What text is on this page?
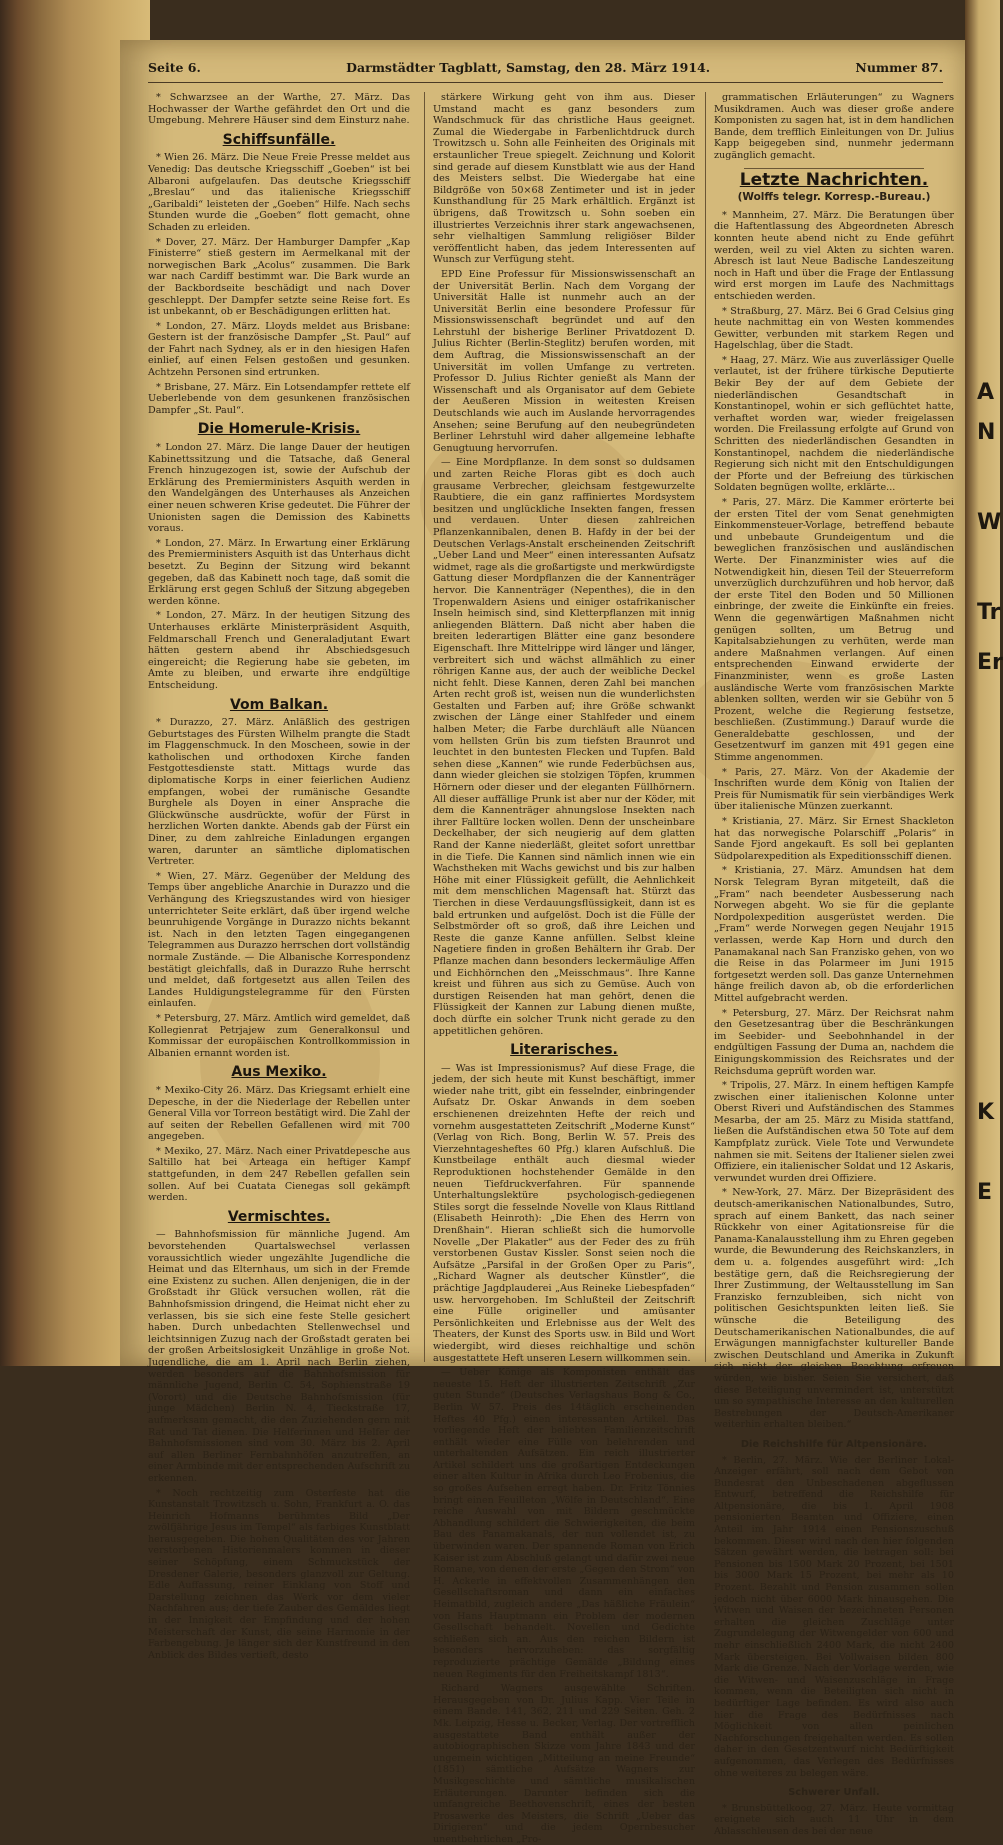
A
N
W
Tr
Er
K
E
Seite 6.	Darmstädter Tagblatt, Samstag, den 28. März 1914.	Nummer 87.

* Schwarzsee an der Warthe, 27. März. Das Hochwasser der Warthe gefährdet den Ort und die Umgebung. Mehrere Häuser sind dem Einsturz nahe.

Schiffsunfälle.

* Wien 26. März. Die Neue Freie Presse meldet aus Venedig: Das deutsche Kriegsschiff „Goeben“ ist bei Albaroni aufgelaufen. Das deutsche Kriegsschiff „Breslau“ und das italienische Kriegsschiff „Garibaldi“ leisteten der „Goeben“ Hilfe. Nach sechs Stunden wurde die „Goeben“ flott gemacht, ohne Schaden zu erleiden.

* Dover, 27. März. Der Hamburger Dampfer „Kap Finisterre“ stieß gestern im Aermelkanal mit der norwegischen Bark „Acolus“ zusammen. Die Bark war nach Cardiff bestimmt war. Die Bark wurde an der Backbordseite beschädigt und nach Dover geschleppt. Der Dampfer setzte seine Reise fort. Es ist unbekannt, ob er Beschädigungen erlitten hat.

* London, 27. März. Lloyds meldet aus Brisbane: Gestern ist der französische Dampfer „St. Paul“ auf der Fahrt nach Sydney, als er in den hiesigen Hafen einlief, auf einen Felsen gestoßen und gesunken. Achtzehn Personen sind ertrunken.

* Brisbane, 27. März. Ein Lotsendampfer rettete elf Ueberlebende von dem gesunkenen französischen Dampfer „St. Paul“.

Die Homerule-Krisis.

* London 27. März. Die lange Dauer der heutigen Kabinettssitzung und die Tatsache, daß General French hinzugezogen ist, sowie der Aufschub der Erklärung des Premierministers Asquith werden in den Wandelgängen des Unterhauses als Anzeichen einer neuen schweren Krise gedeutet. Die Führer der Unionisten sagen die Demission des Kabinetts voraus.

* London, 27. März. In Erwartung einer Erklärung des Premierministers Asquith ist das Unterhaus dicht besetzt. Zu Beginn der Sitzung wird bekannt gegeben, daß das Kabinett noch tage, daß somit die Erklärung erst gegen Schluß der Sitzung abgegeben werden könne.

* London, 27. März. In der heutigen Sitzung des Unterhauses erklärte Ministerpräsident Asquith, Feldmarschall French und Generaladjutant Ewart hätten gestern abend ihr Abschiedsgesuch eingereicht; die Regierung habe sie gebeten, im Amte zu bleiben, und erwarte ihre endgültige Entscheidung.

Vom Balkan.

* Durazzo, 27. März. Anläßlich des gestrigen Geburtstages des Fürsten Wilhelm prangte die Stadt im Flaggenschmuck. In den Moscheen, sowie in der katholischen und orthodoxen Kirche fanden Festgottesdienste statt. Mittags wurde das diplomatische Korps in einer feierlichen Audienz empfangen, wobei der rumänische Gesandte Burghele als Doyen in einer Ansprache die Glückwünsche ausdrückte, wofür der Fürst in herzlichen Worten dankte. Abends gab der Fürst ein Diner, zu dem zahlreiche Einladungen ergangen waren, darunter an sämtliche diplomatischen Vertreter.

* Wien, 27. März. Gegenüber der Meldung des Temps über angebliche Anarchie in Durazzo und die Verhängung des Kriegszustandes wird von hiesiger unterrichteter Seite erklärt, daß über irgend welche beunruhigende Vorgänge in Durazzo nichts bekannt ist. Nach in den letzten Tagen eingegangenen Telegrammen aus Durazzo herrschen dort vollständig normale Zustände. — Die Albanische Korrespondenz bestätigt gleichfalls, daß in Durazzo Ruhe herrscht und meldet, daß fortgesetzt aus allen Teilen des Landes Huldigungstelegramme für den Fürsten einlaufen.

* Petersburg, 27. März. Amtlich wird gemeldet, daß Kollegienrat Petrjajew zum Generalkonsul und Kommissar der europäischen Kontrollkommission in Albanien ernannt worden ist.

Aus Mexiko.

* Mexiko-City 26. März. Das Kriegsamt erhielt eine Depesche, in der die Niederlage der Rebellen unter General Villa vor Torreon bestätigt wird. Die Zahl der auf seiten der Rebellen Gefallenen wird mit 700 angegeben.

* Mexiko, 27. März. Nach einer Privatdepesche aus Saltillo hat bei Arteaga ein heftiger Kampf stattgefunden, in dem 247 Rebellen gefallen sein sollen. Auf bei Cuatata Cienegas soll gekämpft werden.

Vermischtes.

— Bahnhofsmission für männliche Jugend. Am bevorstehenden Quartalswechsel verlassen voraussichtlich wieder ungezählte Jugendliche die Heimat und das Elternhaus, um sich in der Fremde eine Existenz zu suchen. Allen denjenigen, die in der Großstadt ihr Glück versuchen wollen, rät die Bahnhofsmission dringend, die Heimat nicht eher zu verlassen, bis sie sich eine feste Stelle gesichert haben. Durch unbedachten Stellenwechsel und leichtsinnigen Zuzug nach der Großstadt geraten bei der großen Arbeitslosigkeit Unzählige in große Not. Jugendliche, die am 1. April nach Berlin ziehen, werden besonders auf die Bahnhofsmission für männliche Jugend, Berlin C. 54, Sophienstraße 19 (Vorort) und die Deutsche Bahnhofsmission (für junge Mädchen) Berlin N. 4, Tieckstraße 17, aufmerksam gemacht, die den Zuziehenden gern mit Rat und Tat dienen. Die Helferinnen und Helfer der Bahnhofsmissionen sind vom 30. März bis 2. April auf allen Berliner Fernbahnhöfen anzutreffen, an einer Armbinde mit der entsprechenden Aufschrift zu erkennen.

* Noch rechtzeitig zum Osterfeste hat die Kunstanstalt Trowitzsch u. Sohn, Frankfurt a. O. das Heinrich Hofmanns berühmtes Bild „Der zwölfjährige Jesus im Tempel“ als farbiges Kunstblatt herausgegeben. Die hohen Qualitäten des vor Jahren verstorbenen Historienmalers kommen in dieser seiner Schöpfung, einem Schmuckstück der Dresdener Galerie, besonders glanzvoll zur Geltung. Edle Auffassung, reiner Einklang von Stoff und Darstellung zeichnen das Werk vor dem vieler Nachfahren aus; der tiefe Zauber des Gemäldes liegt in der Innigkeit der Empfindung und der hohen Meisterschaft der Kunst, die seine Harmonie in der Farbengebung. Je länger sich der Kunstfreund in den Anblick des Bildes vertieft, desto

stärkere Wirkung geht von ihm aus. Dieser Umstand macht es ganz besonders zum Wandschmuck für das christliche Haus geeignet. Zumal die Wiedergabe in Farbenlichtdruck durch Trowitzsch u. Sohn alle Feinheiten des Originals mit erstaunlicher Treue spiegelt. Zeichnung und Kolorit sind gerade auf diesem Kunstblatt wie aus der Hand des Meisters selbst. Die Wiedergabe hat eine Bildgröße von 50×68 Zentimeter und ist in jeder Kunsthandlung für 25 Mark erhältlich. Ergänzt ist übrigens, daß Trowitzsch u. Sohn soeben ein illustriertes Verzeichnis ihrer stark angewachsenen, sehr vielhaltigen Sammlung religiöser Bilder veröffentlicht haben, das jedem Interessenten auf Wunsch zur Verfügung steht.

EPD Eine Professur für Missionswissenschaft an der Universität Berlin. Nach dem Vorgang der Universität Halle ist nunmehr auch an der Universität Berlin eine besondere Professur für Missionswissenschaft begründet und auf den Lehrstuhl der bisherige Berliner Privatdozent D. Julius Richter (Berlin-Steglitz) berufen worden, mit dem Auftrag, die Missionswissenschaft an der Universität im vollen Umfange zu vertreten. Professor D. Julius Richter genießt als Mann der Wissenschaft und als Organisator auf dem Gebiete der Aeußeren Mission in weitesten Kreisen Deutschlands wie auch im Auslande hervorragendes Ansehen; seine Berufung auf den neubegründeten Berliner Lehrstuhl wird daher allgemeine lebhafte Genugtuung hervorrufen.

— Eine Mordpflanze. In dem sonst so duldsamen und zarten Reiche Floras gibt es doch auch grausame Verbrecher, gleichsam festgewurzelte Raubtiere, die ein ganz raffiniertes Mordsystem besitzen und unglückliche Insekten fangen, fressen und verdauen. Unter diesen zahlreichen Pflanzenkannibalen, denen B. Hafdy in der bei der Deutschen Verlags-Anstalt erscheinenden Zeitschrift „Ueber Land und Meer“ einen interessanten Aufsatz widmet, rage als die großartigste und merkwürdigste Gattung dieser Mordpflanzen die der Kannenträger hervor. Die Kannenträger (Nepenthes), die in den Tropenwaldern Asiens und einiger ostafrikanischer Inseln heimisch sind, sind Kletterpflanzen mit innig anliegenden Blättern. Daß nicht aber haben die breiten lederartigen Blätter eine ganz besondere Eigenschaft. Ihre Mittelrippe wird länger und länger, verbreitert sich und wächst allmählich zu einer röhrigen Kanne aus, der auch der weibliche Deckel nicht fehlt. Diese Kannen, deren Zahl bei manchen Arten recht groß ist, weisen nun die wunderlichsten Gestalten und Farben auf; ihre Größe schwankt zwischen der Länge einer Stahlfeder und einem halben Meter; die Farbe durchläuft alle Nüancen vom hellsten Grün bis zum tiefsten Braunrot und leuchtet in den buntesten Flecken und Tupfen. Bald sehen diese „Kannen“ wie runde Federbüchsen aus, dann wieder gleichen sie stolzigen Töpfen, krummen Hörnern oder dieser und der eleganten Füllhörnern. All dieser auffällige Prunk ist aber nur der Köder, mit dem die Kannenträger ahnungslose Insekten nach ihrer Falltüre locken wollen. Denn der unscheinbare Deckelhaber, der sich neugierig auf dem glatten Rand der Kanne niederläßt, gleitet sofort unrettbar in die Tiefe. Die Kannen sind nämlich innen wie ein Wachstheken mit Wachs gewichst und bis zur halben Höhe mit einer Flüssigkeit gefüllt, die Aehnlichkeit mit dem menschlichen Magensaft hat. Stürzt das Tierchen in diese Verdauungsflüssigkeit, dann ist es bald ertrunken und aufgelöst. Doch ist die Fülle der Selbstmörder oft so groß, daß ihre Leichen und Reste die ganze Kanne anfüllen. Selbst kleine Nagetiere finden in großen Behältern ihr Grab. Der Pflanze machen dann besonders leckermäulige Affen und Eichhörnchen den „Meisschmaus“. Ihre Kanne kreist und führen aus sich zu Gemüse. Auch von durstigen Reisenden hat man gehört, denen die Flüssigkeit der Kannen zur Labung dienen mußte, doch dürfte ein solcher Trunk nicht gerade zu den appetitlichen gehören.

Literarisches.

— Was ist Impressionismus? Auf diese Frage, die jedem, der sich heute mit Kunst beschäftigt, immer wieder nahe tritt, gibt ein fesselnder, einbringender Aufsatz Dr. Oskar Anwands in dem soeben erschienenen dreizehnten Hefte der reich und vornehm ausgestatteten Zeitschrift „Moderne Kunst“ (Verlag von Rich. Bong, Berlin W. 57. Preis des Vierzehntagesheftes 60 Pfg.) klaren Aufschluß. Die Kunstbeilage enthält auch diesmal wieder Reproduktionen hochstehender Gemälde in den neuen Tiefdruckverfahren. Für spannende Unterhaltungslektüre psychologisch-gediegenen Stiles sorgt die fesselnde Novelle von Klaus Rittland (Elisabeth Heinroth): „Die Ehen des Herrn von Drenßhain“. Hieran schließt sich die humorvolle Novelle „Der Plakatler“ aus der Feder des zu früh verstorbenen Gustav Kissler. Sonst seien noch die Aufsätze „Parsifal in der Großen Oper zu Paris“, „Richard Wagner als deutscher Künstler“, die prächtige Jagdplauderei „Aus Reineke Liebespfaden“ usw. hervorgehoben. Im Schlußteil der Zeitschrift eine Fülle origineller und amüsanter Persönlichkeiten und Erlebnisse aus der Welt des Theaters, der Kunst des Sports usw. in Bild und Wort wiedergibt, wird dieses reichhaltige und schön ausgestattete Heft unseren Lesern willkommen sein.

— Ueber Könige als Komponisten enthält das neueste 15. Heft der illustrierten Zeitschrift „Zur guten Stunde“ (Deutsches Verlagshaus Bong & Co., Berlin W 57. Preis des 14täglich erscheinenden Heftes 40 Pfg.) einen interessanten Artikel. Das vorliegende Heft der beliebten Familienzeitschrift enthält wieder eine Fülle von belehrenden und unterhaltenden Aufsätzen. Ein reich illustrierter Artikel schildert uns die großartigen Entdeckungen einer alten Kultur in Afrika durch Leo Frobenius, die so großes Aufsehen erregt haben. Dr. Fritz Tönnies bringt einen Feuilleton „Wölfe in Deutschland“. Eine reiche Auswahl von mit Bildern geschmückte Abhandlung schildert die Schwierigkeiten, die beim Bau des Panamakanals, der nun vollendet ist, zu überwinden waren. Der spannende Roman von Erich Kaiser ist zum Abschluß gelangt und dafür zwei neue Romane, von denen der erste „Gegen den Strom“ von H. Ackerle in effektvollen Zusammenhängen den Gesellschaftsroman und dann ein einfaches Heimatbild, zugleich andere „Das häßliche Fräulein“ von Hans Hauptmann ein Problem der modernen Gesellschaft behandelt. Novellen und Gedichte schließen sich an. Aus den reichen Bildern ist besonders hervorzuheben: das sorgfältig reproduzierte prächtige Gemälde „Bildung eines neuen Regiments für den Freiheitskampf 1813“.

Richard Wagners ausgewählte Schriften. Herausgegeben von Dr. Julius Kapp. Vier Teile in einem Bande. 141, 362, 211 und 229 Seiten. Geh. 2 Mk. Leipzig, Hesse u. Becker, Verlag. Der vortrefflich ausgestattete Band enthält außer der autobiographischen Skizze vom Jahre 1843 und der ungemein wichtigen „Mitteilung an meine Freunde“ (1851) sämtliche Aufsätze Wagners zur Musikgeschichte und sämtliche musikalischen Erläuterungen. Darunter befinden sich die umfangreiche Beethovenschrift, eines der besten Prosawerke des Meisters, die Schrift „Ueber das Dirigieren“ und die jedem Opernbesucher unentbehrlichen „Pro-

grammatischen Erläuterungen“ zu Wagners Musikdramen. Auch was dieser große andere Komponisten zu sagen hat, ist in dem handlichen Bande, dem trefflich Einleitungen von Dr. Julius Kapp beigegeben sind, nunmehr jedermann zugänglich gemacht.

Letzte Nachrichten.
(Wolffs telegr. Korresp.-Bureau.)

* Mannheim, 27. März. Die Beratungen über die Haftentlassung des Abgeordneten Abresch konnten heute abend nicht zu Ende geführt werden, weil zu viel Akten zu sichten waren. Abresch ist laut Neue Badische Landeszeitung noch in Haft und über die Frage der Entlassung wird erst morgen im Laufe des Nachmittags entschieden werden.

* Straßburg, 27. März. Bei 6 Grad Celsius ging heute nachmittag ein von Westen kommendes Gewitter, verbunden mit starkem Regen und Hagelschlag, über die Stadt.

* Haag, 27. März. Wie aus zuverlässiger Quelle verlautet, ist der frühere türkische Deputierte Bekir Bey der auf dem Gebiete der niederländischen Gesandtschaft in Konstantinopel, wohin er sich geflüchtet hatte, verhaftet worden war, wieder freigelassen worden. Die Freilassung erfolgte auf Grund von Schritten des niederländischen Gesandten in Konstantinopel, nachdem die niederländische Regierung sich nicht mit den Entschuldigungen der Pforte und der Befreiung des türkischen Soldaten begnügen wollte, erklärte...

* Paris, 27. März. Die Kammer erörterte bei der ersten Titel der vom Senat genehmigten Einkommensteuer-Vorlage, betreffend bebaute und unbebaute Grundeigentum und die beweglichen französischen und ausländischen Werte. Der Finanzminister wies auf die Notwendigkeit hin, diesen Teil der Steuerreform unverzüglich durchzuführen und hob hervor, daß der erste Titel den Boden und 50 Millionen einbringe, der zweite die Einkünfte ein freies. Wenn die gegenwärtigen Maßnahmen nicht genügen sollten, um Betrug und Kapitalsabziehungen zu verhüten, werde man andere Maßnahmen verlangen. Auf einen entsprechenden Einwand erwiderte der Finanzminister, wenn es große Lasten ausländische Werte vom französischen Markte ablenken sollten, werden wir sie Gebühr von 5 Prozent, welche die Regierung festsetze, beschließen. (Zustimmung.) Darauf wurde die Generaldebatte geschlossen, und der Gesetzentwurf im ganzen mit 491 gegen eine Stimme angenommen.

* Paris, 27. März. Von der Akademie der Inschriften wurde dem König von Italien der Preis für Numismatik für sein vierbändiges Werk über italienische Münzen zuerkannt.

* Kristiania, 27. März. Sir Ernest Shackleton hat das norwegische Polarschiff „Polaris“ in Sande Fjord angekauft. Es soll bei geplanten Südpolarexpedition als Expeditionsschiff dienen.

* Kristiania, 27. März. Amundsen hat dem Norsk Telegram Byran mitgeteilt, daß die „Fram“ nach beendeter Ausbesserung nach Norwegen abgeht. Wo sie für die geplante Nordpolexpedition ausgerüstet werden. Die „Fram“ werde Norwegen gegen Neujahr 1915 verlassen, werde Kap Horn und durch den Panamakanal nach San Franzisko gehen, von wo die Reise in das Polarmeer im Juni 1915 fortgesetzt werden soll. Das ganze Unternehmen hänge freilich davon ab, ob die erforderlichen Mittel aufgebracht werden.

* Petersburg, 27. März. Der Reichsrat nahm den Gesetzesantrag über die Beschränkungen im Seebider- und Seebohnhandel in der endgültigen Fassung der Duma an, nachdem die Einigungskommission des Reichsrates und der Reichsduma geprüft worden war.

* Tripolis, 27. März. In einem heftigen Kampfe zwischen einer italienischen Kolonne unter Oberst Riveri und Aufständischen des Stammes Mesarba, der am 25. März zu Misida stattfand, ließen die Aufständischen etwa 50 Tote auf dem Kampfplatz zurück. Viele Tote und Verwundete nahmen sie mit. Seitens der Italiener sielen zwei Offiziere, ein italienischer Soldat und 12 Askaris, verwundet wurden drei Offiziere.

* New-York, 27. März. Der Bizepräsident des deutsch-amerikanischen Nationalbundes, Sutro, sprach auf einem Bankett, das nach seiner Rückkehr von einer Agitationsreise für die Panama-Kanalausstellung ihm zu Ehren gegeben wurde, die Bewunderung des Reichskanzlers, in dem u. a. folgendes ausgeführt wird: „Ich bestätige gern, daß die Reichsregierung der Ihrer Zustimmung, der Weltausstellung im San Franzisko fernzubleiben, sich nicht von politischen Gesichtspunkten leiten ließ. Sie wünsche die Beteiligung des Deutschamerikanischen Nationalbundes, die auf Erwägungen mannigfachster kultureller Bande zwischen Deutschland und Amerika in Zukunft sich nicht der gleichen Beachtung erfreuen würden, wie bisher. Seien Sie versichert, daß diese Beteiligung unvermindert ist, unterstützt um so sympathische Interesse an den kulturellen Bestrebungen der Deutsch-Amerikaner weiterhin erhalten bleiben.“

Die Reichshilfe für Altpensionäre.

* Berlin, 27. März. Wie der Berliner Lokal-Anzeiger erfährt, soll nach dem Gebot von Bundesrat den Unbeschadenen abgeflussen Entwurf, betreffend die Reichshilfe für Altpensionäre, die bis 1. April 1908 pensionierten Beamten und Offiziere, einen Anteil im Jahr 1914 einen Pensionszuschuß bekommen. Dieser wird nach den hier folgenden Sätzen gewährt werden, die betragen soll: bei Pensionen bis 1500 Mark 20 Prozent, bei 1501 bis 3000 Mark 15 Prozent, bei mehr als 10 Prozent. Bezahlt und Pension zusammen sollen jedoch nicht über 6000 Mark hinausgehen. Die Witwen und Waisen der bezeichneten Personen erhalten die gleichen Zuschläge unter Zugrundelegung der Witwengelder von 600 und mehr einschließlich 2400 Mark, die nicht 2400 Mark übersteigen. Bei Vollwaisen bilden 800 Mark die Grenze. Nach der Vorlage werden, wie die Witwen- und Waisenzuschläge in Frage kommen, wenn die Beteiligten sich nicht in bedürftiger Lage befinden. Es wird also auch hier die Frage des Bedürfnisses nach Möglichkeit von allen peinlichen Nachforschungen freigehalten werden. Es sollen daher in den Gesetzentwurf nicht Bedürftigkeit aufgenommen, das Verlegen des Bedürfnisses ohne weiteres zu belegen wäre.

Schwerer Unfall.

* Brunsbüttelkoog, 27. März. Heute vormittag ereignete sich auch 11 Uhr in dem Ablasschleusen des bei der neue
